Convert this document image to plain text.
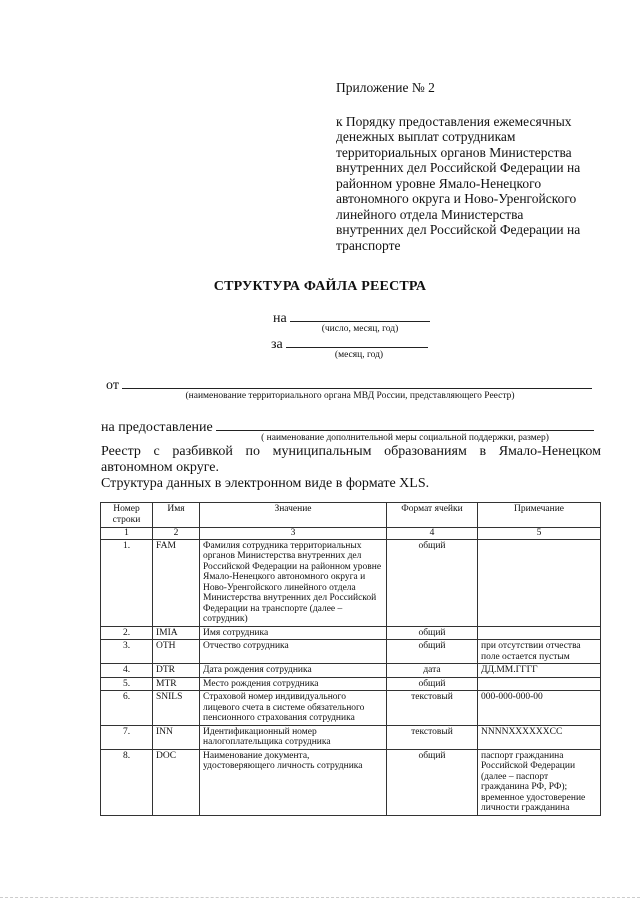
Приложение № 2
к Порядку предоставления ежемесячных
денежных выплат сотрудникам
территориальных органов Министерства
внутренних дел Российской Федерации на
районном уровне Ямало-Ненецкого
автономного округа и Ново-Уренгойского
линейного отдела Министерства
внутренних дел Российской Федерации на
транспорте
СТРУКТУРА ФАЙЛА РЕЕСТРА
на
(число, месяц, год)
за
(месяц, год)
от
(наименование территориального органа МВД России, представляющего Реестр)
на предоставление
( наименование дополнительной меры социальной поддержки, размер)
Реестр с разбивкой по муниципальным образованиям в Ямало-Ненецком автономном округе.
Структура данных в электронном виде в формате XLS.
Номер строки	Имя	Значение	Формат ячейки	Примечание
1	2	3	4	5
1.	FAM	Фамилия сотрудника территориальных органов Министерства внутренних дел Российской Федерации на районном уровне Ямало-Ненецкого автономного округа и Ново-Уренгойского линейного отдела Министерства внутренних дел Российской Федерации на транспорте (далее – сотрудник)	общий	
2.	IMIA	Имя сотрудника	общий	
3.	OTH	Отчество сотрудника	общий	при отсутствии отчества поле остается пустым
4.	DTR	Дата рождения сотрудника	дата	ДД.ММ.ГГГГ
5.	MTR	Место рождения сотрудника	общий	
6.	SNILS	Страховой номер индивидуального лицевого счета в системе обязательного пенсионного страхования сотрудника	текстовый	000-000-000-00
7.	INN	Идентификационный номер налогоплательщика сотрудника	текстовый	NNNNXXXXXXCC
8.	DOC	Наименование документа, удостоверяющего личность сотрудника	общий	паспорт гражданина Российской Федерации (далее – паспорт гражданина РФ, РФ); временное удостоверение личности гражданина
